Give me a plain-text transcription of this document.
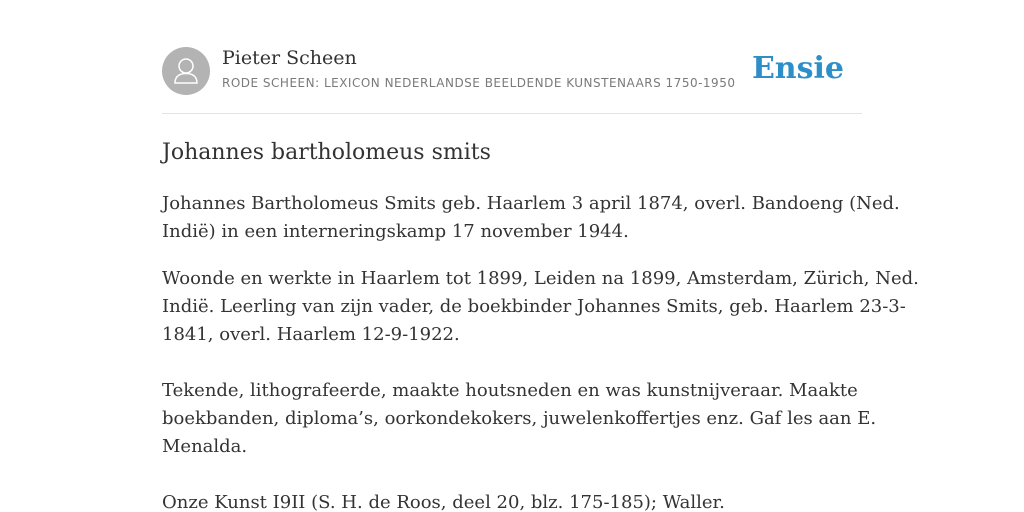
Pieter Scheen
RODE SCHEEN: LEXICON NEDERLANDSE BEELDENDE KUNSTENAARS 1750-1950 Ensie
Johannes bartholomeus smits

Johannes Bartholomeus Smits geb. Haarlem 3 april 1874, overl. Bandoeng (Ned.
Indië) in een interneringskamp 17 november 1944.

Woonde en werkte in Haarlem tot 1899, Leiden na 1899, Amsterdam, Zürich, Ned.
Indië. Leerling van zijn vader, de boekbinder Johannes Smits, geb. Haarlem 23-3-
1841, overl. Haarlem 12-9-1922.

Tekende, lithografeerde, maakte houtsneden en was kunstnijveraar. Maakte
boekbanden, diploma’s, oorkondekokers, juwelenkoffertjes enz. Gaf les aan E.
Menalda.

Onze Kunst I9II (S. H. de Roos, deel 20, blz. 175-185); Waller.
